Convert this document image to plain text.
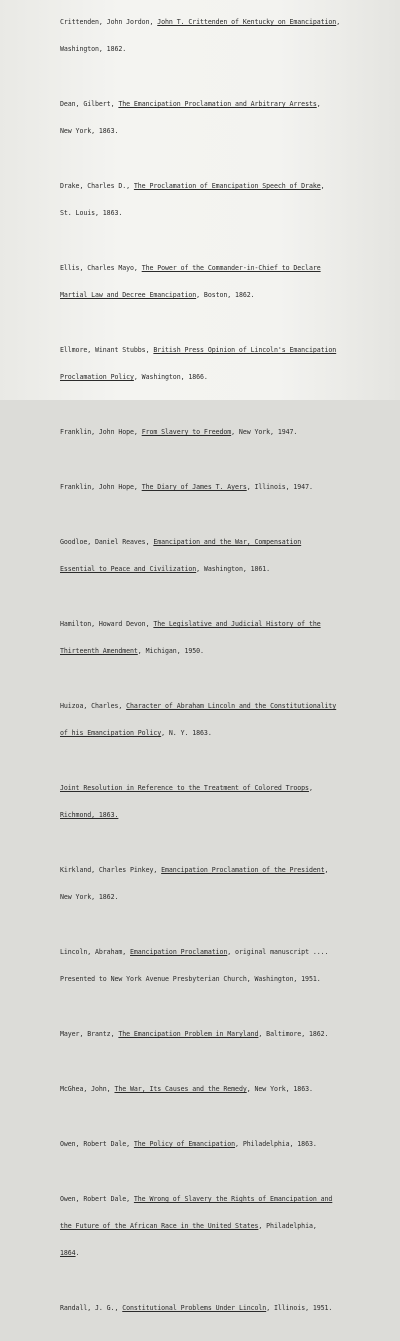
Crittenden, John Jordon, John T. Crittenden of Kentucky on Emancipation,

Washington, 1862.

Dean, Gilbert, The Emancipation Proclamation and Arbitrary Arrests,

New York, 1863.

Drake, Charles D., The Proclamation of Emancipation Speech of Drake,

St. Louis, 1863.

Ellis, Charles Mayo, The Power of the Commander-in-Chief to Declare

Martial Law and Decree Emancipation, Boston, 1862.

Ellmore, Winant Stubbs, British Press Opinion of Lincoln's Emancipation

Proclamation Policy, Washington, 1866.

Franklin, John Hope, From Slavery to Freedom, New York, 1947.

Franklin, John Hope, The Diary of James T. Ayers, Illinois, 1947.

Goodloe, Daniel Reaves, Emancipation and the War, Compensation

Essential to Peace and Civilization, Washington, 1861.

Hamilton, Howard Devon, The Legislative and Judicial History of the

Thirteenth Amendment, Michigan, 1950.

Huizoa, Charles, Character of Abraham Lincoln and the Constitutionality

of his Emancipation Policy, N. Y. 1863.

Joint Resolution in Reference to the Treatment of Colored Troops,

Richmond, 1863.

Kirkland, Charles Pinkey, Emancipation Proclamation of the President,

New York, 1862.

Lincoln, Abraham, Emancipation Proclamation, original manuscript ....

Presented to New York Avenue Presbyterian Church, Washington, 1951.

Mayer, Brantz, The Emancipation Problem in Maryland, Baltimore, 1862.

McGhea, John, The War, Its Causes and the Remedy, New York, 1863.

Owen, Robert Dale, The Policy of Emancipation, Philadelphia, 1863.

Owen, Robert Dale, The Wrong of Slavery the Rights of Emancipation and

the Future of the African Race in the United States, Philadelphia,

1864.

Randall, J. G., Constitutional Problems Under Lincoln, Illinois, 1951.
